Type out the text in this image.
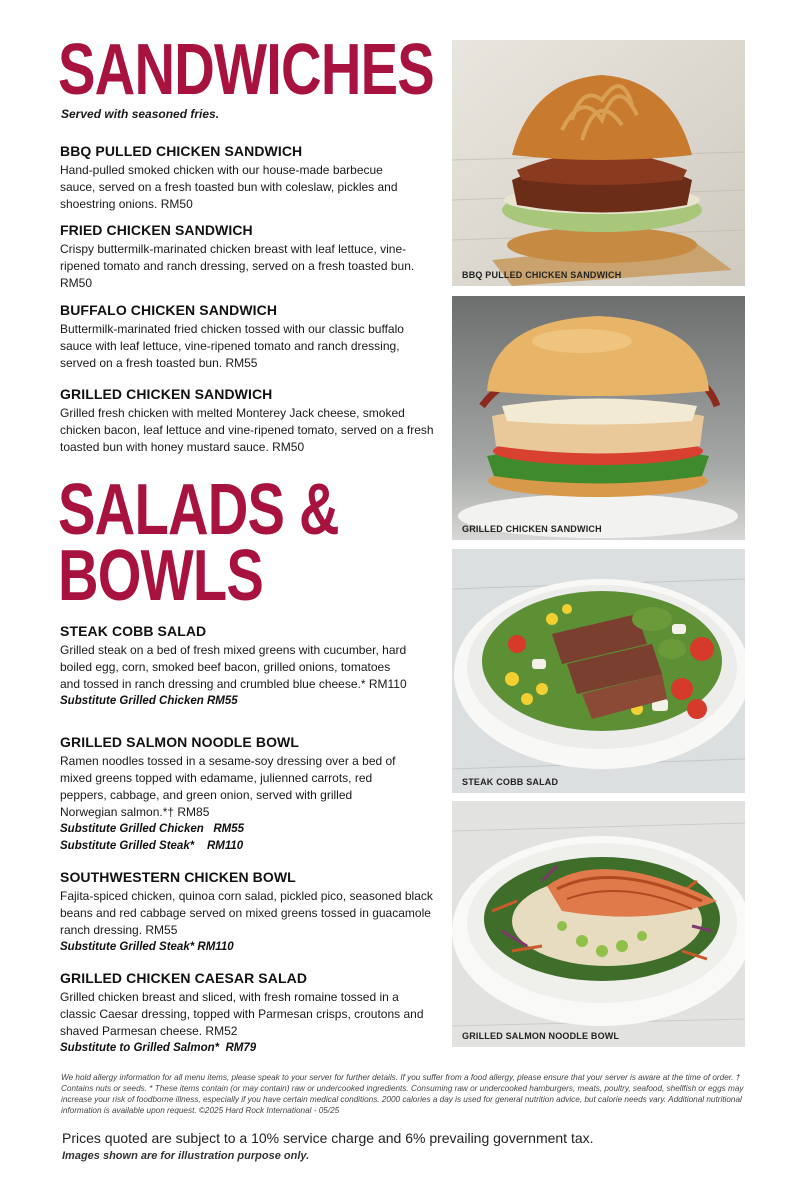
SANDWICHES
Served with seasoned fries.
BBQ PULLED CHICKEN SANDWICH
Hand-pulled smoked chicken with our house-made barbecue sauce, served on a fresh toasted bun with coleslaw, pickles and shoestring onions. RM50
FRIED CHICKEN SANDWICH
Crispy buttermilk-marinated chicken breast with leaf lettuce, vine-ripened tomato and ranch dressing, served on a fresh toasted bun. RM50
BUFFALO CHICKEN SANDWICH
Buttermilk-marinated fried chicken tossed with our classic buffalo sauce with leaf lettuce, vine-ripened tomato and ranch dressing, served on a fresh toasted bun. RM55
GRILLED CHICKEN SANDWICH
Grilled fresh chicken with melted Monterey Jack cheese, smoked chicken bacon, leaf lettuce and vine-ripened tomato, served on a fresh toasted bun with honey mustard sauce. RM50
SALADS &
BOWLS
STEAK COBB SALAD
Grilled steak on a bed of fresh mixed greens with cucumber, hard boiled egg, corn, smoked beef bacon, grilled onions, tomatoes and tossed in ranch dressing and crumbled blue cheese.* RM110
Substitute Grilled Chicken RM55
GRILLED SALMON NOODLE BOWL
Ramen noodles tossed in a sesame-soy dressing over a bed of mixed greens topped with edamame, julienned carrots, red peppers, cabbage, and green onion, served with grilled Norwegian salmon.*† RM85
Substitute Grilled Chicken   RM55
Substitute Grilled Steak*    RM110
SOUTHWESTERN CHICKEN BOWL
Fajita-spiced chicken, quinoa corn salad, pickled pico, seasoned black beans and red cabbage served on mixed greens tossed in guacamole ranch dressing. RM55
Substitute Grilled Steak* RM110
GRILLED CHICKEN CAESAR SALAD
Grilled chicken breast and sliced, with fresh romaine tossed in a classic Caesar dressing, topped with Parmesan crisps, croutons and shaved Parmesan cheese. RM52
Substitute to Grilled Salmon*  RM79
BBQ PULLED CHICKEN SANDWICH
GRILLED CHICKEN SANDWICH
STEAK COBB SALAD
GRILLED SALMON NOODLE BOWL
We hold allergy information for all menu items, please speak to your server for further details. If you suffer from a food allergy, please ensure that your server is aware at the time of order. † Contains nuts or seeds. * These items contain (or may contain) raw or undercooked ingredients. Consuming raw or undercooked hamburgers, meats, poultry, seafood, shellfish or eggs may increase your risk of foodborne illness, especially if you have certain medical conditions. 2000 calories a day is used for general nutrition advice, but calorie needs vary. Additional nutritional information is available upon request. ©2025 Hard Rock International - 05/25
Prices quoted are subject to a 10% service charge and 6% prevailing government tax.
Images shown are for illustration purpose only.
